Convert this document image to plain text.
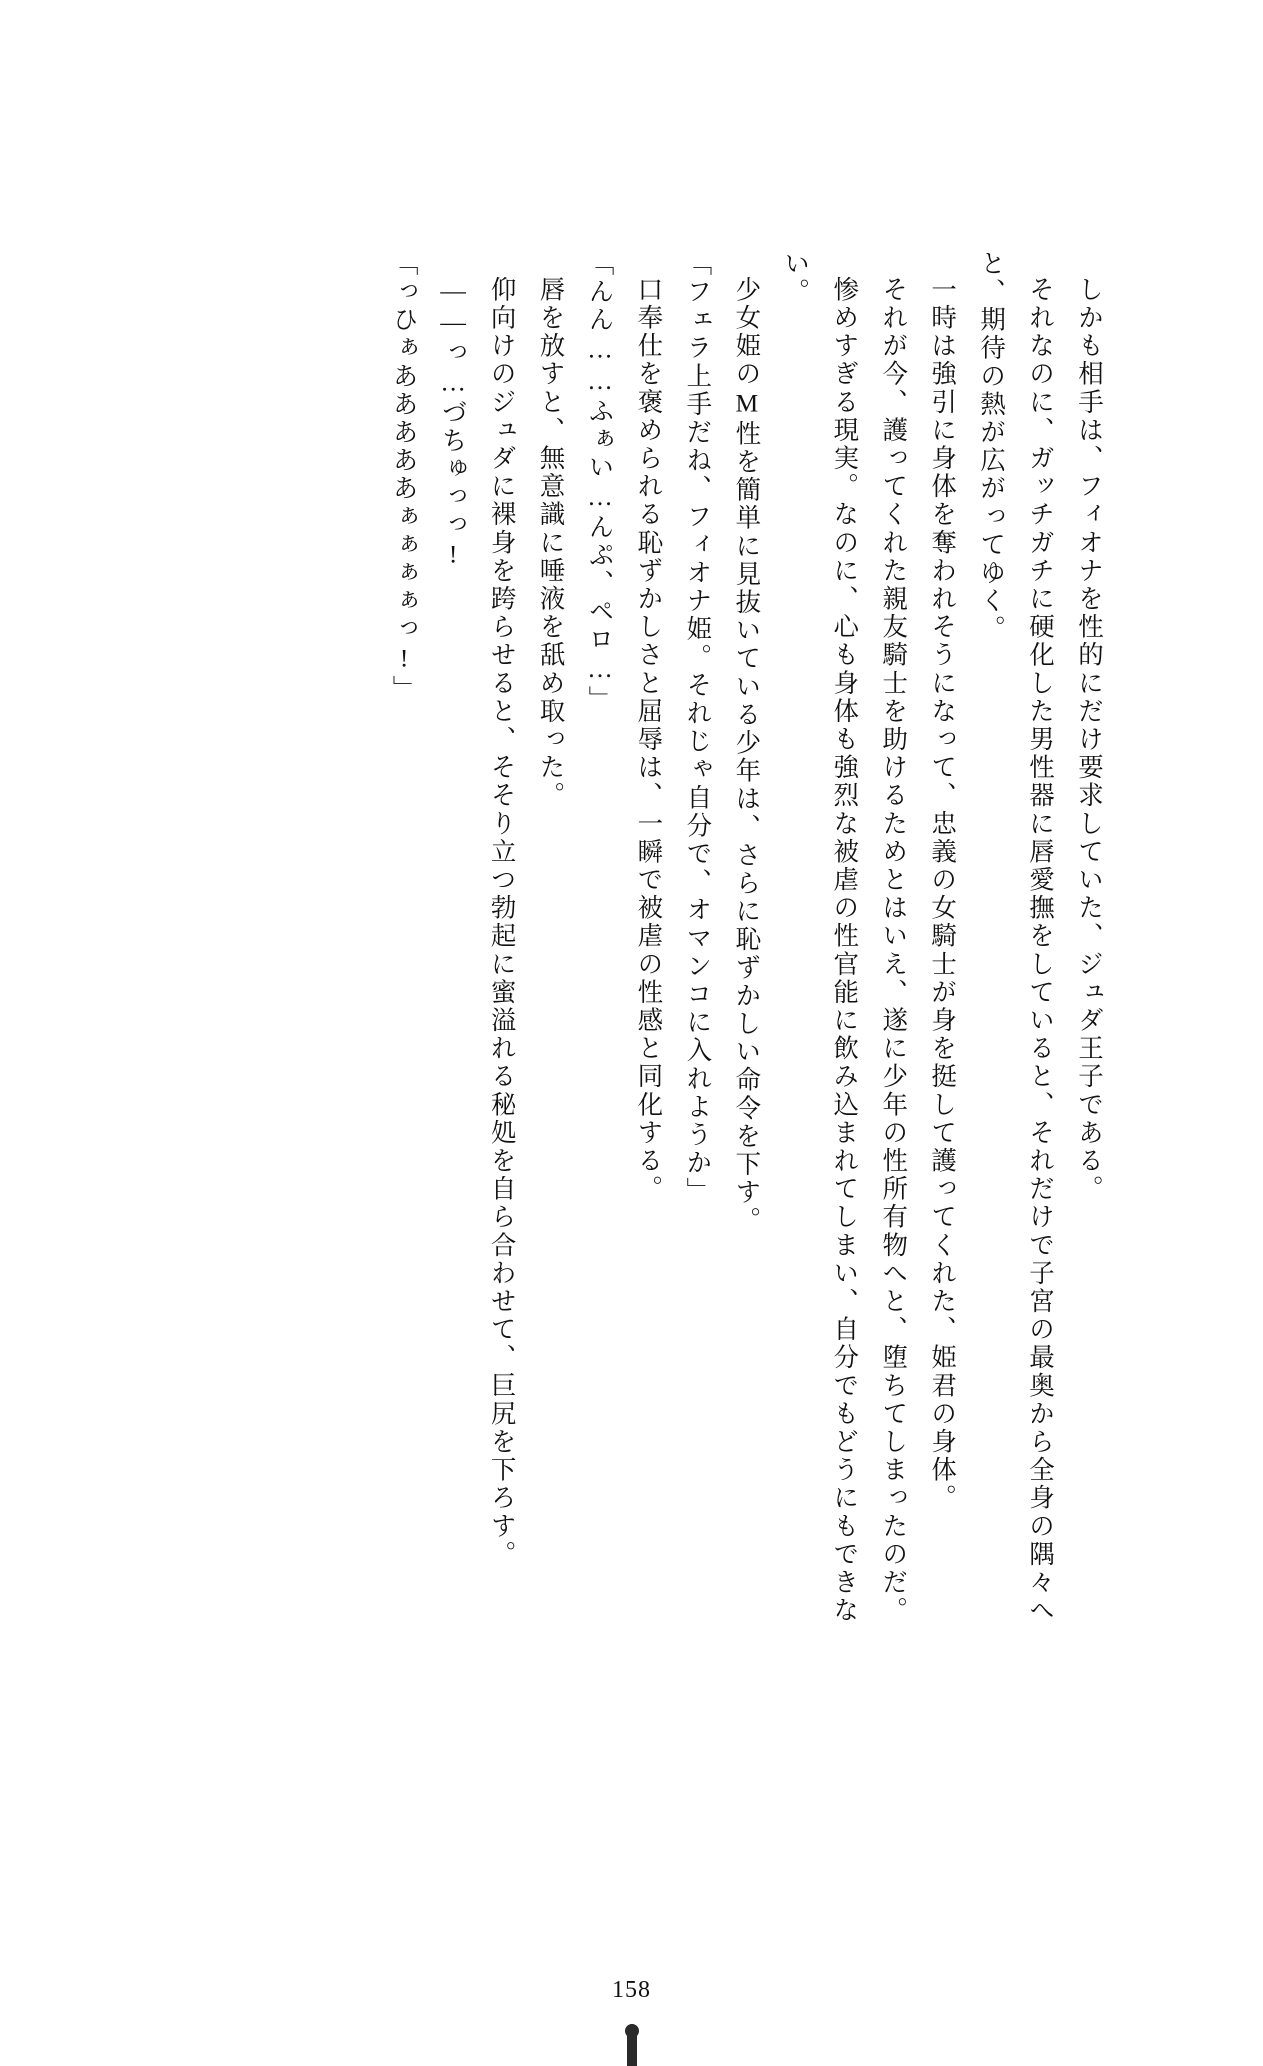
しかも相手は、フィオナを性的にだけ要求していた、ジュダ王子である。

それなのに、ガッチガチに硬化した男性器に唇愛撫をしていると、それだけで子宮の最奥から全身の隅々へと、期待の熱が広がってゆく。

一時は強引に身体を奪われそうになって、忠義の女騎士が身を挺して護ってくれた、姫君の身体。

それが今、護ってくれた親友騎士を助けるためとはいえ、遂に少年の性所有物へと、堕ちてしまったのだ。

惨めすぎる現実。なのに、心も身体も強烈な被虐の性官能に飲み込まれてしまい、自分でもどうにもできない。

少女姫のM性を簡単に見抜いている少年は、さらに恥ずかしい命令を下す。

「フェラ上手だね、フィオナ姫。それじゃ自分で、オマンコに入れようか」

口奉仕を褒められる恥ずかしさと屈辱は、一瞬で被虐の性感と同化する。

「んん……ふぁい…んぷ、ペロ…」

唇を放すと、無意識に唾液を舐め取った。

仰向けのジュダに裸身を跨らせると、そそり立つ勃起に蜜溢れる秘処を自ら合わせて、巨尻を下ろす。

――っ…づちゅっっ!

「っひぁあああああぁぁぁぁっ!」

158
